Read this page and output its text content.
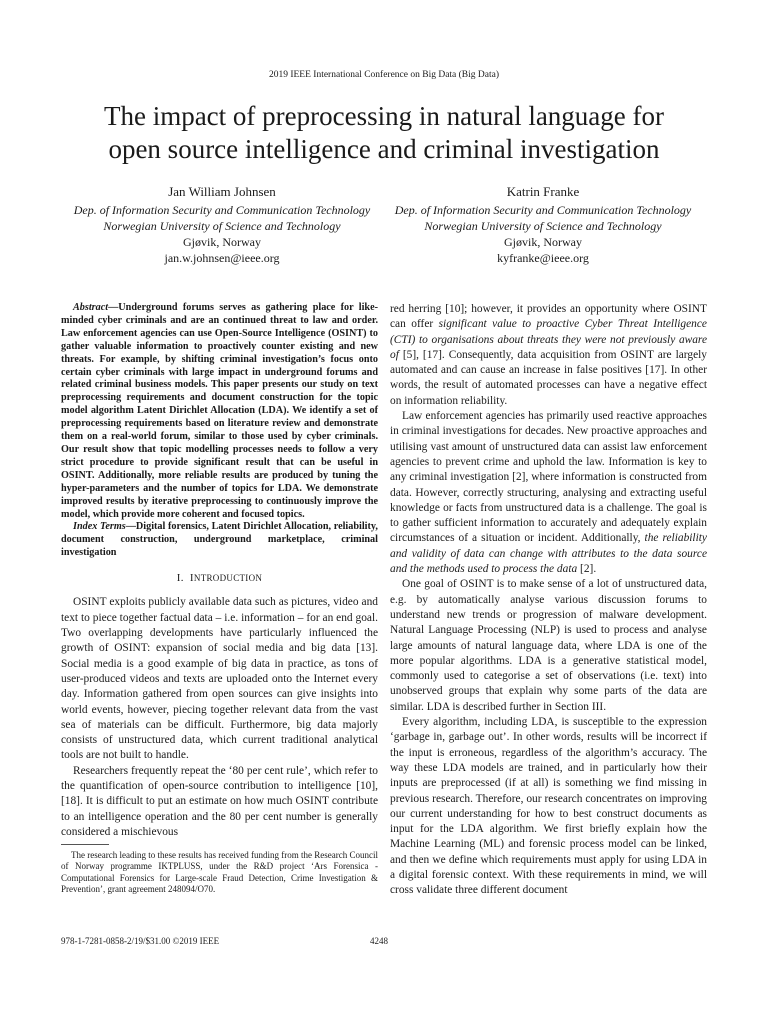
2019 IEEE International Conference on Big Data (Big Data)
The impact of preprocessing in natural language for
open source intelligence and criminal investigation
Jan William Johnsen
Dep. of Information Security and Communication Technology
Norwegian University of Science and Technology
Gjøvik, Norway
jan.w.johnsen@ieee.org
Katrin Franke
Dep. of Information Security and Communication Technology
Norwegian University of Science and Technology
Gjøvik, Norway
kyfranke@ieee.org

Abstract—Underground forums serves as gathering place for like-minded cyber criminals and are an continued threat to law and order. Law enforcement agencies can use Open-Source Intelligence (OSINT) to gather valuable information to proactively counter existing and new threats. For example, by shifting criminal investigation’s focus onto certain cyber criminals with large impact in underground forums and related criminal business models. This paper presents our study on text preprocessing requirements and document construction for the topic model algorithm Latent Dirichlet Allocation (LDA). We identify a set of preprocessing requirements based on literature review and demonstrate them on a real-world forum, similar to those used by cyber criminals. Our result show that topic modelling processes needs to follow a very strict procedure to provide significant result that can be useful in OSINT. Additionally, more reliable results are produced by tuning the hyper-parameters and the number of topics for LDA. We demonstrate improved results by iterative preprocessing to continuously improve the model, which provide more coherent and focused topics.

Index Terms—Digital forensics, Latent Dirichlet Allocation, reliability, document construction, underground marketplace, criminal investigation

I. INTRODUCTION

OSINT exploits publicly available data such as pictures, video and text to piece together factual data – i.e. information – for an end goal. Two overlapping developments have particularly influenced the growth of OSINT: expansion of social media and big data [13]. Social media is a good example of big data in practice, as tons of user-produced videos and texts are uploaded onto the Internet every day. Information gathered from open sources can give insights into world events, however, piecing together relevant data from the vast sea of materials can be difficult. Furthermore, big data majorly consists of unstructured data, which current traditional analytical tools are not built to handle.

Researchers frequently repeat the ‘80 per cent rule’, which refer to the quantification of open-source contribution to intelligence [10], [18]. It is difficult to put an estimate on how much OSINT contribute to an intelligence operation and the 80 per cent number is generally considered a mischievous

The research leading to these results has received funding from the Research Council of Norway programme IKTPLUSS, under the R&D project ‘Ars Forensica - Computational Forensics for Large-scale Fraud Detection, Crime Investigation & Prevention’, grant agreement 248094/O70.

red herring [10]; however, it provides an opportunity where OSINT can offer significant value to proactive Cyber Threat Intelligence (CTI) to organisations about threats they were not previously aware of [5], [17]. Consequently, data acquisition from OSINT are largely automated and can cause an increase in false positives [17]. In other words, the result of automated processes can have a negative effect on information reliability.

Law enforcement agencies has primarily used reactive approaches in criminal investigations for decades. New proactive approaches and utilising vast amount of unstructured data can assist law enforcement agencies to prevent crime and uphold the law. Information is key to any criminal investigation [2], where information is constructed from data. However, correctly structuring, analysing and extracting useful knowledge or facts from unstructured data is a challenge. The goal is to gather sufficient information to accurately and adequately explain circumstances of a situation or incident. Additionally, the reliability and validity of data can change with attributes to the data source and the methods used to process the data [2].

One goal of OSINT is to make sense of a lot of unstructured data, e.g. by automatically analyse various discussion forums to understand new trends or progression of malware development. Natural Language Processing (NLP) is used to process and analyse large amounts of natural language data, where LDA is one of the more popular algorithms. LDA is a generative statistical model, commonly used to categorise a set of observations (i.e. text) into unobserved groups that explain why some parts of the data are similar. LDA is described further in Section III.

Every algorithm, including LDA, is susceptible to the expression ‘garbage in, garbage out’. In other words, results will be incorrect if the input is erroneous, regardless of the algorithm’s accuracy. The way these LDA models are trained, and in particularly how their inputs are preprocessed (if at all) is something we find missing in previous research. Therefore, our research concentrates on improving our current understanding for how to best construct documents as input for the LDA algorithm. We first briefly explain how the Machine Learning (ML) and forensic process model can be linked, and then we define which requirements must apply for using LDA in a digital forensic context. With these requirements in mind, we will cross validate three different document

978-1-7281-0858-2/19/$31.00 ©2019 IEEE	4248
